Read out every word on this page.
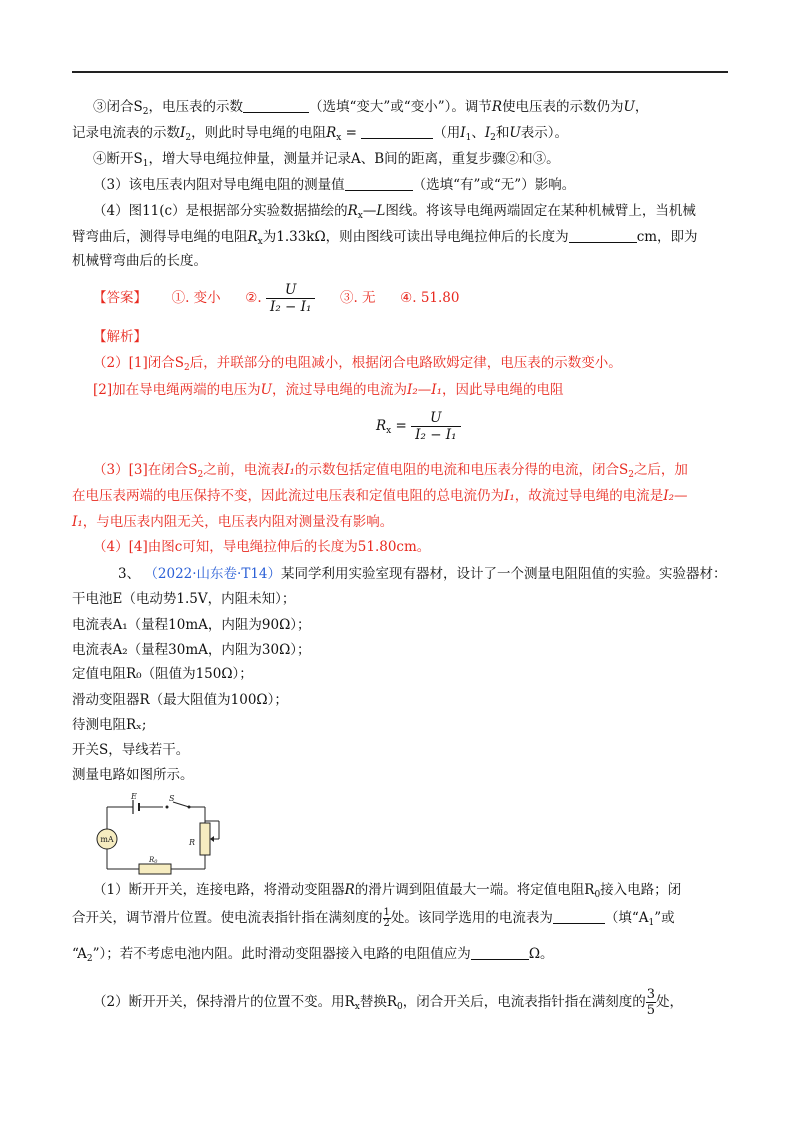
③闭合$S_2$，电压表的示数	（选填“变大”或“变小”）。调节R使电压表的示数仍为U，
记录电流表的示数$I_2$，则此时导电绳的电阻$R_x$ =	（用$I_1$、$I_2$和U表示）。
④断开$S_1$，增大导电绳拉伸量，测量并记录A、B间的距离，重复步骤②和③。
（3）该电压表内阻对导电绳电阻的测量值	（选填“有”或“无”）影响。
（4）图11(c）是根据部分实验数据描绘的$R_x—L$图线。将该导电绳两端固定在某种机械臂上，当机械
臂弯曲后，测得导电绳的电阻$R_x$为1.33kΩ，则由图线可读出导电绳拉伸后的长度为	cm，即为
机械臂弯曲后的长度。
【答案】 ①. 变小 ②. $\frac{U}{\text{I₂ − I₁}}$ ③. 无 ④. 51.80
【解析】
（2）[1]闭合$S_2$后，并联部分的电阻减小，根据闭合电路欧姆定律，电压表的示数变小。
[2]加在导电绳两端的电压为U，流过导电绳的电流为I₂—I₁，因此导电绳的电阻
$R_x = \frac{U}{\text{I₂ − I₁}}$
（3）[3]在闭合$S_2$之前，电流表I₁的示数包括定值电阻的电流和电压表分得的电流，闭合$S_2$之后，加
在电压表两端的电压保持不变，因此流过电压表和定值电阻的总电流仍为I₁，故流过导电绳的电流是I₂—
I₁，与电压表内阻无关，电压表内阻对测量没有影响。
（4）[4]由图c可知，导电绳拉伸后的长度为51.80cm。
3、 （2022·山东卷·T14）某同学利用实验室现有器材，设计了一个测量电阻阻值的实验。实验器材：
干电池E（电动势1.5V，内阻未知）；
电流表A₁（量程10mA，内阻为90Ω）；
电流表A₂（量程30mA，内阻为30Ω）；
定值电阻R₀（阻值为150Ω）；
滑动变阻器R（最大阻值为100Ω）；
待测电阻Rₓ;
开关S，导线若干。
测量电路如图所示。
mA
E	S
R
R0
（1）断开开关，连接电路，将滑动变阻器R的滑片调到阻值最大一端。将定值电阻$R_0$接入电路；闭
合开关，调节滑片位置。使电流表指针指在满刻度的 $\frac{1}{2}$ 处。该同学选用的电流表为	（填“$A_1$”或
“$A_2$”）；若不考虑电池内阻。此时滑动变阻器接入电路的电阻值应为	Ω。
（2）断开开关，保持滑片的位置不变。用$R_x$替换$R_0$，闭合开关后，电流表指针指在满刻度的 $\frac{3}{5}$ 处，
